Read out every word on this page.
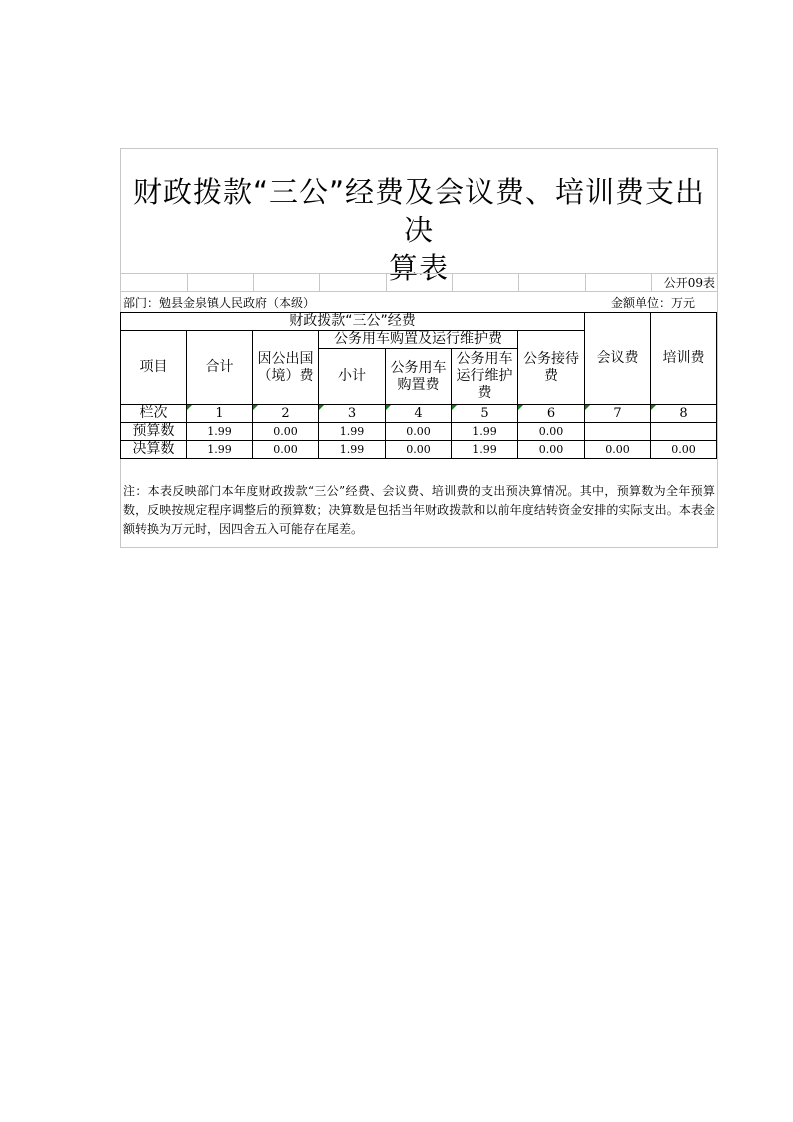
财政拨款“三公”经费及会议费、培训费支出决
算表	公开09表
部门：勉县金泉镇人民政府（本级）	金额单位：万元
财政拨款“三公”经费							会议费	培训费
项目	合计	因公出国（境）费	公务用车购置及运行维护费			公务接待费		
			小计	公务用车购置费	公务用车运行维护费			
栏次	1	2	3	4	5	6	7	8
预算数	1.99	0.00	1.99	0.00	1.99	0.00		
决算数	1.99	0.00	1.99	0.00	1.99	0.00	0.00	0.00
注：本表反映部门本年度财政拨款“三公”经费、会议费、培训费的支出预决算情况。其中，预算数为全年预算数，反映按规定程序调整后的预算数；决算数是包括当年财政拨款和以前年度结转资金安排的实际支出。本表金额转换为万元时，因四舍五入可能存在尾差。
